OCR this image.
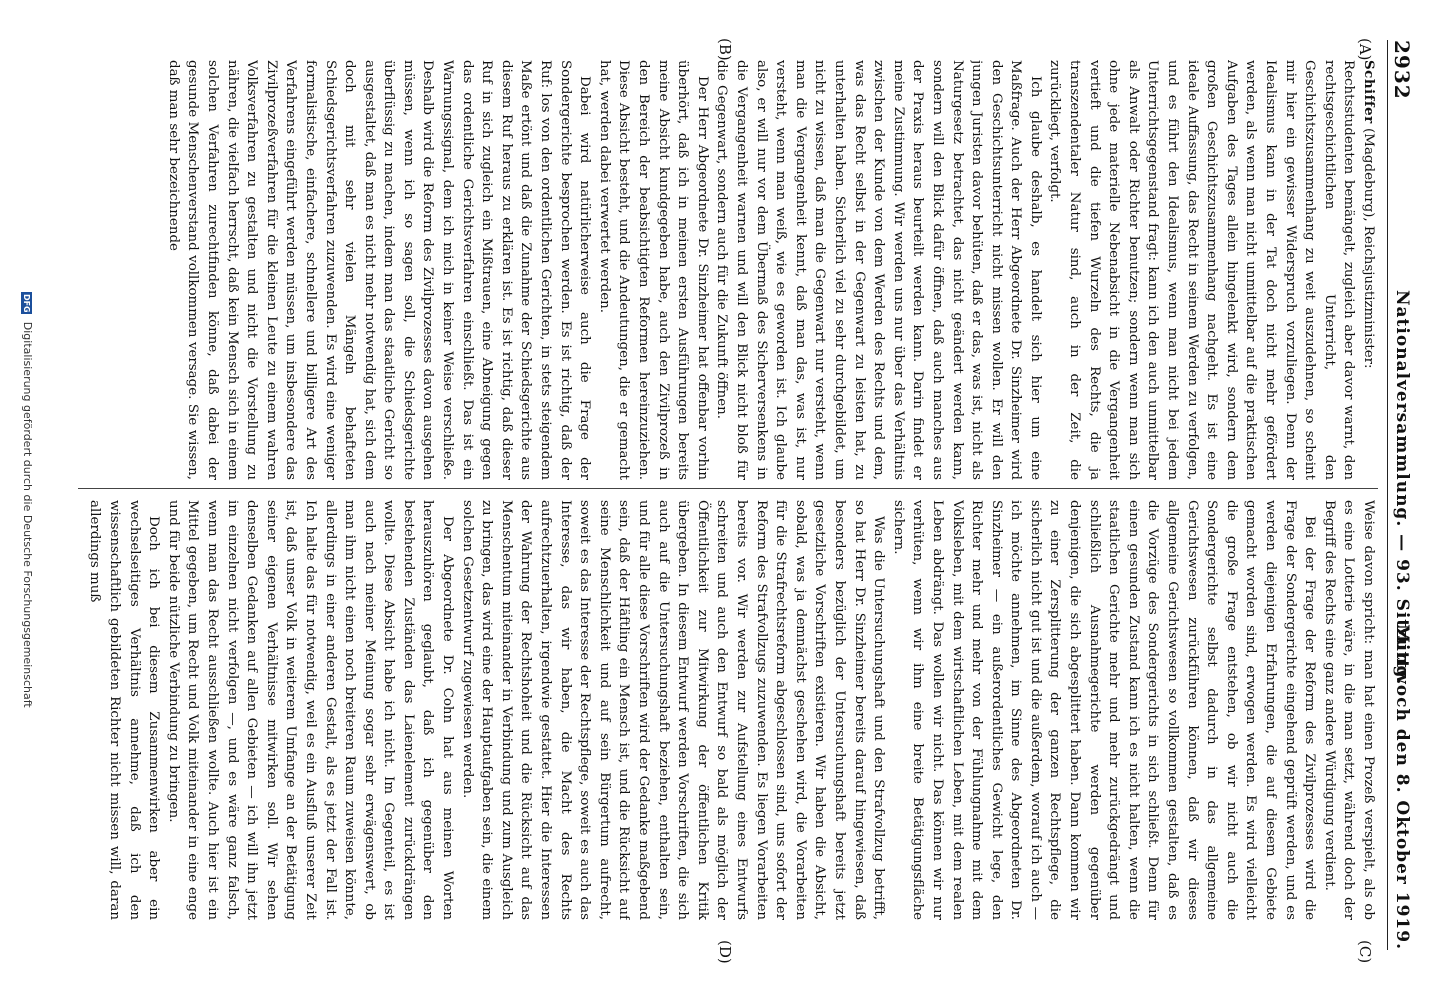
2932
Nationalversammlung. — 93. Sitzung.
Mittwoch den 8. Oktober 1919.
(A)
(B)
(C)
(D)

Schiffer (Magdeburg), Reichsjustizminister:

Rechtsstudenten bemängelt, zugleich aber davor warnt, den rechtsgeschichtlichen Unterricht, den Geschichtszusammenhang zu weit auszudehnen, so scheint mir hier ein gewisser Widerspruch vorzuliegen. Denn der Idealismus kann in der Tat doch nicht mehr gefördert werden, als wenn man nicht unmittelbar auf die praktischen Aufgaben des Tages allein hingelenkt wird, sondern dem großen Geschichtszusammenhang nachgeht. Es ist eine ideale Auffassung, das Recht in seinem Werden zu verfolgen, und es führt den Idealismus, wenn man nicht bei jedem Unterrichtsgegenstand fragt: kann ich den auch unmittelbar als Anwalt oder Richter benutzen; sondern wenn man sich ohne jede materielle Nebenabsicht in die Vergangenheit vertieft und die tiefen Wurzeln des Rechts, die ja transzendentaler Natur sind, auch in der Zeit, die zurückliegt, verfolgt.

Ich glaube deshalb, es handelt sich hier um eine Maßfrage. Auch der Herr Abgeordnete Dr. Sinzheimer wird den Geschichtsunterricht nicht missen wollen. Er will den jungen Juristen davor behüten, daß er das, was ist, nicht als Naturgesetz betrachtet, das nicht geändert werden kann, sondern will den Blick dafür öffnen, daß auch manches aus der Praxis heraus beurteilt werden kann. Darin findet er meine Zustimmung. Wir werden uns nur über das Verhältnis zwischen der Kunde von dem Werden des Rechts und dem, was das Recht selbst in der Gegenwart zu leisten hat, zu unterhalten haben. Sicherlich viel zu sehr durchgebildet, um nicht zu wissen, daß man die Gegenwart nur versteht, wenn man die Vergangenheit kennt, daß man das, was ist, nur versteht, wenn man weiß, wie es geworden ist. Ich glaube also, er will nur vor dem Übermaß des Sicherversenkens in die Vergangenheit warnen und will den Blick nicht bloß für die Gegenwart, sondern auch für die Zukunft öffnen.

Der Herr Abgeordnete Dr. Sinzheimer hat offenbar vorhin überhört, daß ich in meinen ersten Ausführungen bereits meine Absicht kundgegeben habe, auch den Zivilprozeß in den Bereich der beabsichtigten Reformen hereinzuziehen. Diese Absicht besteht, und die Andeutungen, die er gemacht hat, werden dabei verwertet werden.

Dabei wird natürlicherweise auch die Frage der Sondergerichte besprochen werden. Es ist richtig, daß der Ruf: los von den ordentlichen Gerichten, in stets steigendem Maße ertönt und daß die Zunahme der Schiedsgerichte aus diesem Ruf heraus zu erklären ist. Es ist richtig, daß dieser Ruf in sich zugleich ein Mißtrauen, eine Abneigung gegen das ordentliche Gerichtsverfahren einschließt. Das ist ein Warnungssignal, dem ich mich in keiner Weise verschließe. Deshalb wird die Reform des Zivilprozesses davon ausgehen müssen, wenn ich so sagen soll, die Schiedsgerichte überflüssig zu machen, indem man das staatliche Gericht so ausgestaltet, daß man es nicht mehr notwendig hat, sich dem doch mit sehr vielen Mängeln behafteten Schiedsgerichtsverfahren zuzuwenden. Es wird eine weniger formalistische, einfachere, schnellere und billigere Art des Verfahrens eingeführt werden müssen, um insbesondere das Zivilprozeßverfahren für die kleinen Leute zu einem wahren Volksverfahren zu gestalten und nicht die Vorstellung zu nähren, die vielfach herrscht, daß kein Mensch sich in einem solchen Verfahren zurechtfinden könne, daß dabei der gesunde Menschenverstand vollkommen versage. Sie wissen, daß man sehr bezeichnende

Weise davon spricht: man hat einen Prozeß verspielt, als ob es eine Lotterie wäre, in die man setzt, während doch der Begriff des Rechts eine ganz andere Würdigung verdient.

Bei der Frage der Reform des Zivilprozesses wird die Frage der Sondergerichte eingehend geprüft werden, und es werden diejenigen Erfahrungen, die auf diesem Gebiete gemacht worden sind, erwogen werden. Es wird vielleicht die große Frage entstehen, ob wir nicht auch die Sondergerichte selbst dadurch in das allgemeine Gerichtswesen zurückführen können, daß wir dieses allgemeine Gerichtswesen so vollkommen gestalten, daß es die Vorzüge des Sondergerichts in sich schließt. Denn für einen gesunden Zustand kann ich es nicht halten, wenn die staatlichen Gerichte mehr und mehr zurückgedrängt und schließlich Ausnahmegerichte werden gegenüber denjenigen, die sich abgesplittert haben. Dann kommen wir zu einer Zersplitterung der ganzen Rechtspflege, die sicherlich nicht gut ist und die außerdem, worauf ich auch — ich möchte annehmen, im Sinne des Abgeordneten Dr. Sinzheimer — ein außerordentliches Gewicht lege, den Richter mehr und mehr von der Fühlungnahme mit dem Volksleben, mit dem wirtschaftlichen Leben, mit dem realen Leben abdrängt. Das wollen wir nicht. Das können wir nur verhüten, wenn wir ihm eine breite Betätigungsfläche sichern.

Was die Untersuchungshaft und den Strafvollzug betrifft, so hat Herr Dr. Sinzheimer bereits darauf hingewiesen, daß besonders bezüglich der Untersuchungshaft bereits jetzt gesetzliche Vorschriften existieren. Wir haben die Absicht, sobald, was ja demnächst geschehen wird, die Vorarbeiten für die Strafrechtsreform abgeschlossen sind, uns sofort der Reform des Strafvollzugs zuzuwenden. Es liegen Vorarbeiten bereits vor. Wir werden zur Aufstellung eines Entwurfs schreiten und auch den Entwurf so bald als möglich der Öffentlichkeit zur Mitwirkung der öffentlichen Kritik übergeben. In diesem Entwurf werden Vorschriften, die sich auch auf die Untersuchungshaft beziehen, enthalten sein, und für alle diese Vorschriften wird der Gedanke maßgebend sein, daß der Häftling ein Mensch ist, und die Rücksicht auf seine Menschlichkeit und auf sein Bürgertum aufrecht, soweit es das Interesse der Rechtspflege, soweit es auch das Interesse, das wir haben, die Macht des Rechts aufrechtzuerhalten, irgendwie gestattet. Hier die Interessen der Wahrung der Rechtshoheit und die Rücksicht auf das Menschentum miteinander in Verbindung und zum Ausgleich zu bringen, das wird eine der Hauptaufgaben sein, die einem solchen Gesetzentwurf zugewiesen werden.

Der Abgeordnete Dr. Cohn hat aus meinen Worten herauszuhören geglaubt, daß ich gegenüber den bestehenden Zuständen das Laienelement zurückdrängen wollte. Diese Absicht habe ich nicht. Im Gegenteil, es ist auch nach meiner Meinung sogar sehr erwägenswert, ob man ihm nicht einen noch breiteren Raum zuweisen könnte, allerdings in einer anderen Gestalt, als es jetzt der Fall ist. Ich halte das für notwendig, weil es ein Ausfluß unserer Zeit ist, daß unser Volk in weiterem Umfange an der Betätigung seiner eigenen Verhältnisse mitwirken soll. Wir sehen denselben Gedanken auf allen Gebieten — ich will ihn jetzt im einzelnen nicht verfolgen —, und es wäre ganz falsch, wenn man das Recht ausschließen wollte. Auch hier ist ein Mittel gegeben, um Recht und Volk miteinander in eine enge und für beide nützliche Verbindung zu bringen.

Doch ich bei diesem Zusammenwirken aber ein wechselseitiges Verhältnis annehme, daß ich den wissenschaftlich gebildeten Richter nicht missen will, daran allerdings muß

DFG Digitalisierung gefördert durch die Deutsche Forschungsgemeinschaft
